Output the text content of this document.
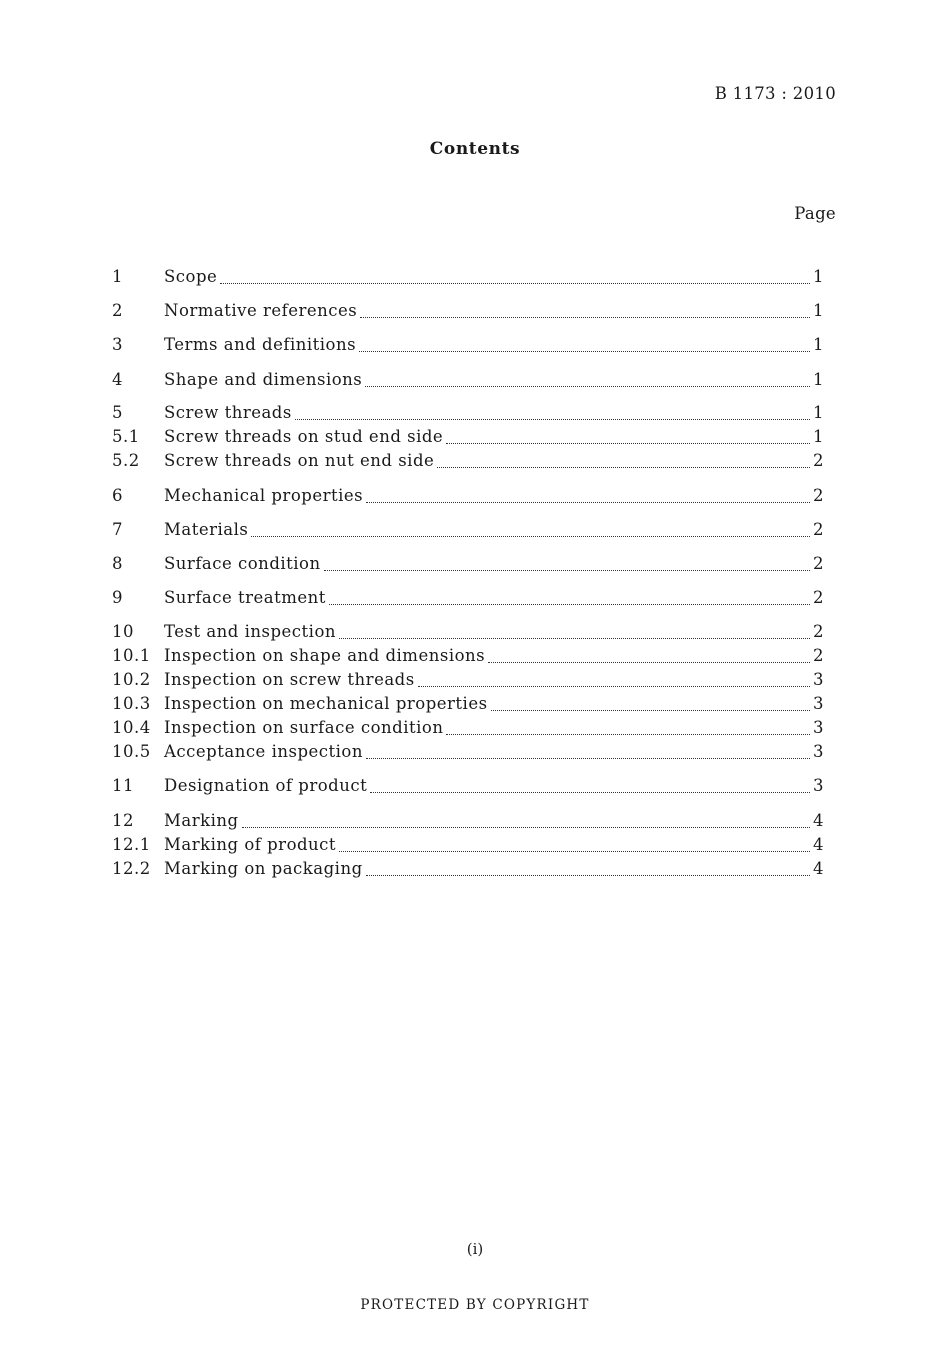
B 1173 : 2010
Contents
Page
1	Scope	1
2	Normative references	1
3	Terms and definitions	1
4	Shape and dimensions	1
5	Screw threads	1
5.1	Screw threads on stud end side	1
5.2	Screw threads on nut end side	2
6	Mechanical properties	2
7	Materials	2
8	Surface condition	2
9	Surface treatment	2
10	Test and inspection	2
10.1 Inspection on shape and dimensions	2
10.2 Inspection on screw threads	3
10.3 Inspection on mechanical properties	3
10.4 Inspection on surface condition	3
10.5 Acceptance inspection	3
11	Designation of product	3
12	Marking	4
12.1 Marking of product	4
12.2 Marking on packaging	4
(i)
PROTECTED BY COPYRIGHT
